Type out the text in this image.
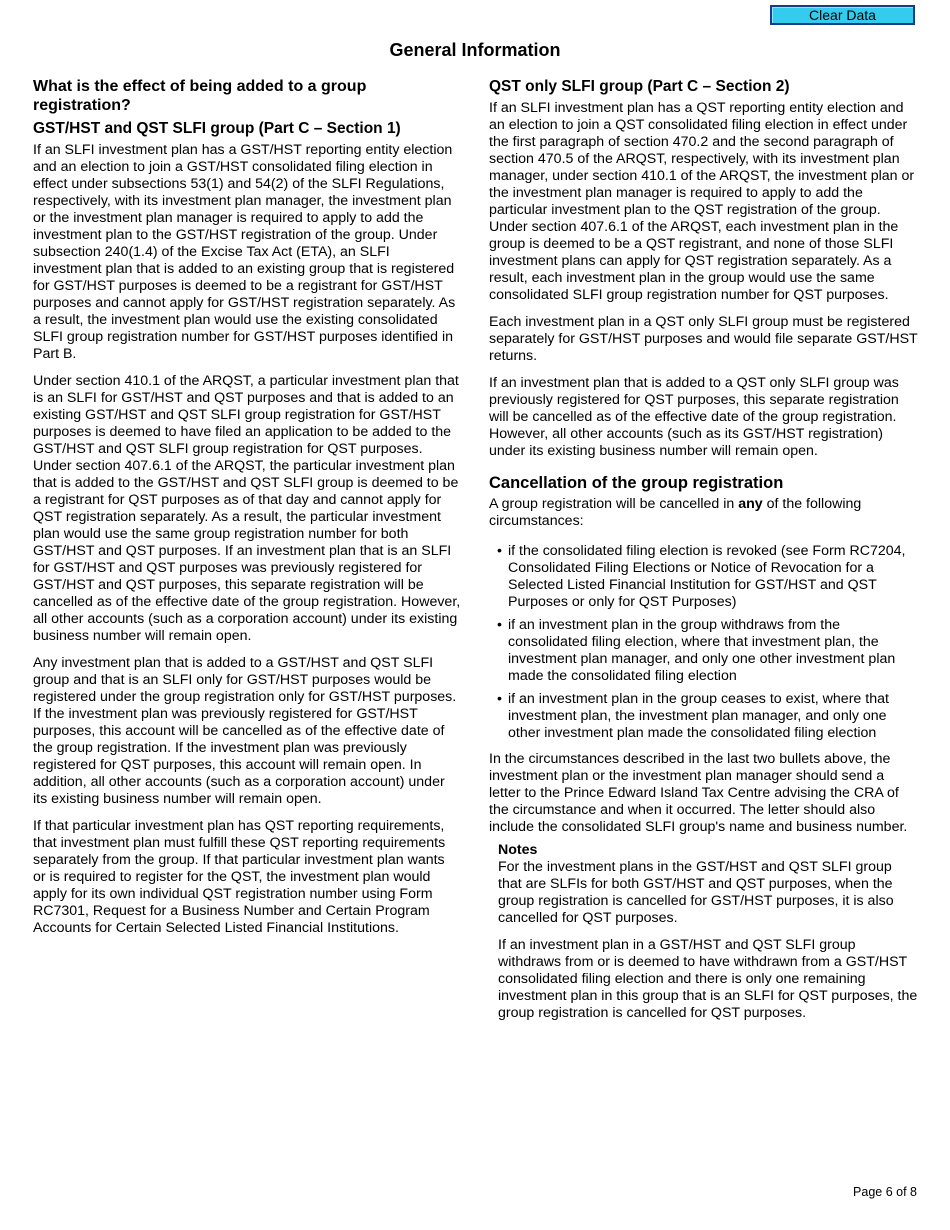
Clear Data
General Information
What is the effect of being added to a group registration?
GST/HST and QST SLFI group (Part C – Section 1)

If an SLFI investment plan has a GST/HST reporting entity election and an election to join a GST/HST consolidated filing election in effect under subsections 53(1) and 54(2) of the SLFI Regulations, respectively, with its investment plan manager, the investment plan or the investment plan manager is required to apply to add the investment plan to the GST/HST registration of the group. Under subsection 240(1.4) of the Excise Tax Act (ETA), an SLFI investment plan that is added to an existing group that is registered for GST/HST purposes is deemed to be a registrant for GST/HST purposes and cannot apply for GST/HST registration separately. As a result, the investment plan would use the existing consolidated SLFI group registration number for GST/HST purposes identified in Part B.

Under section 410.1 of the ARQST, a particular investment plan that is an SLFI for GST/HST and QST purposes and that is added to an existing GST/HST and QST SLFI group registration for GST/HST purposes is deemed to have filed an application to be added to the GST/HST and QST SLFI group registration for QST purposes. Under section 407.6.1 of the ARQST, the particular investment plan that is added to the GST/HST and QST SLFI group is deemed to be a registrant for QST purposes as of that day and cannot apply for QST registration separately. As a result, the particular investment plan would use the same group registration number for both GST/HST and QST purposes. If an investment plan that is an SLFI for GST/HST and QST purposes was previously registered for GST/HST and QST purposes, this separate registration will be cancelled as of the effective date of the group registration. However, all other accounts (such as a corporation account) under its existing business number will remain open.

Any investment plan that is added to a GST/HST and QST SLFI group and that is an SLFI only for GST/HST purposes would be registered under the group registration only for GST/HST purposes. If the investment plan was previously registered for GST/HST purposes, this account will be cancelled as of the effective date of the group registration. If the investment plan was previously registered for QST purposes, this account will remain open. In addition, all other accounts (such as a corporation account) under its existing business number will remain open.

If that particular investment plan has QST reporting requirements, that investment plan must fulfill these QST reporting requirements separately from the group. If that particular investment plan wants or is required to register for the QST, the investment plan would apply for its own individual QST registration number using Form RC7301, Request for a Business Number and Certain Program Accounts for Certain Selected Listed Financial Institutions.

QST only SLFI group (Part C – Section 2)

If an SLFI investment plan has a QST reporting entity election and an election to join a QST consolidated filing election in effect under the first paragraph of section 470.2 and the second paragraph of section 470.5 of the ARQST, respectively, with its investment plan manager, under section 410.1 of the ARQST, the investment plan or the investment plan manager is required to apply to add the particular investment plan to the QST registration of the group. Under section 407.6.1 of the ARQST, each investment plan in the group is deemed to be a QST registrant, and none of those SLFI investment plans can apply for QST registration separately. As a result, each investment plan in the group would use the same consolidated SLFI group registration number for QST purposes.

Each investment plan in a QST only SLFI group must be registered separately for GST/HST purposes and would file separate GST/HST returns.

If an investment plan that is added to a QST only SLFI group was previously registered for QST purposes, this separate registration will be cancelled as of the effective date of the group registration. However, all other accounts (such as its GST/HST registration) under its existing business number will remain open.

Cancellation of the group registration

A group registration will be cancelled in any of the following circumstances:

• if the consolidated filing election is revoked (see Form RC7204, Consolidated Filing Elections or Notice of Revocation for a Selected Listed Financial Institution for GST/HST and QST Purposes or only for QST Purposes)
• if an investment plan in the group withdraws from the consolidated filing election, where that investment plan, the investment plan manager, and only one other investment plan made the consolidated filing election
• if an investment plan in the group ceases to exist, where that investment plan, the investment plan manager, and only one other investment plan made the consolidated filing election

In the circumstances described in the last two bullets above, the investment plan or the investment plan manager should send a letter to the Prince Edward Island Tax Centre advising the CRA of the circumstance and when it occurred. The letter should also include the consolidated SLFI group's name and business number.

Notes

For the investment plans in the GST/HST and QST SLFI group that are SLFIs for both GST/HST and QST purposes, when the group registration is cancelled for GST/HST purposes, it is also cancelled for QST purposes.

If an investment plan in a GST/HST and QST SLFI group withdraws from or is deemed to have withdrawn from a GST/HST consolidated filing election and there is only one remaining investment plan in this group that is an SLFI for QST purposes, the group registration is cancelled for QST purposes.

Page 6 of 8
